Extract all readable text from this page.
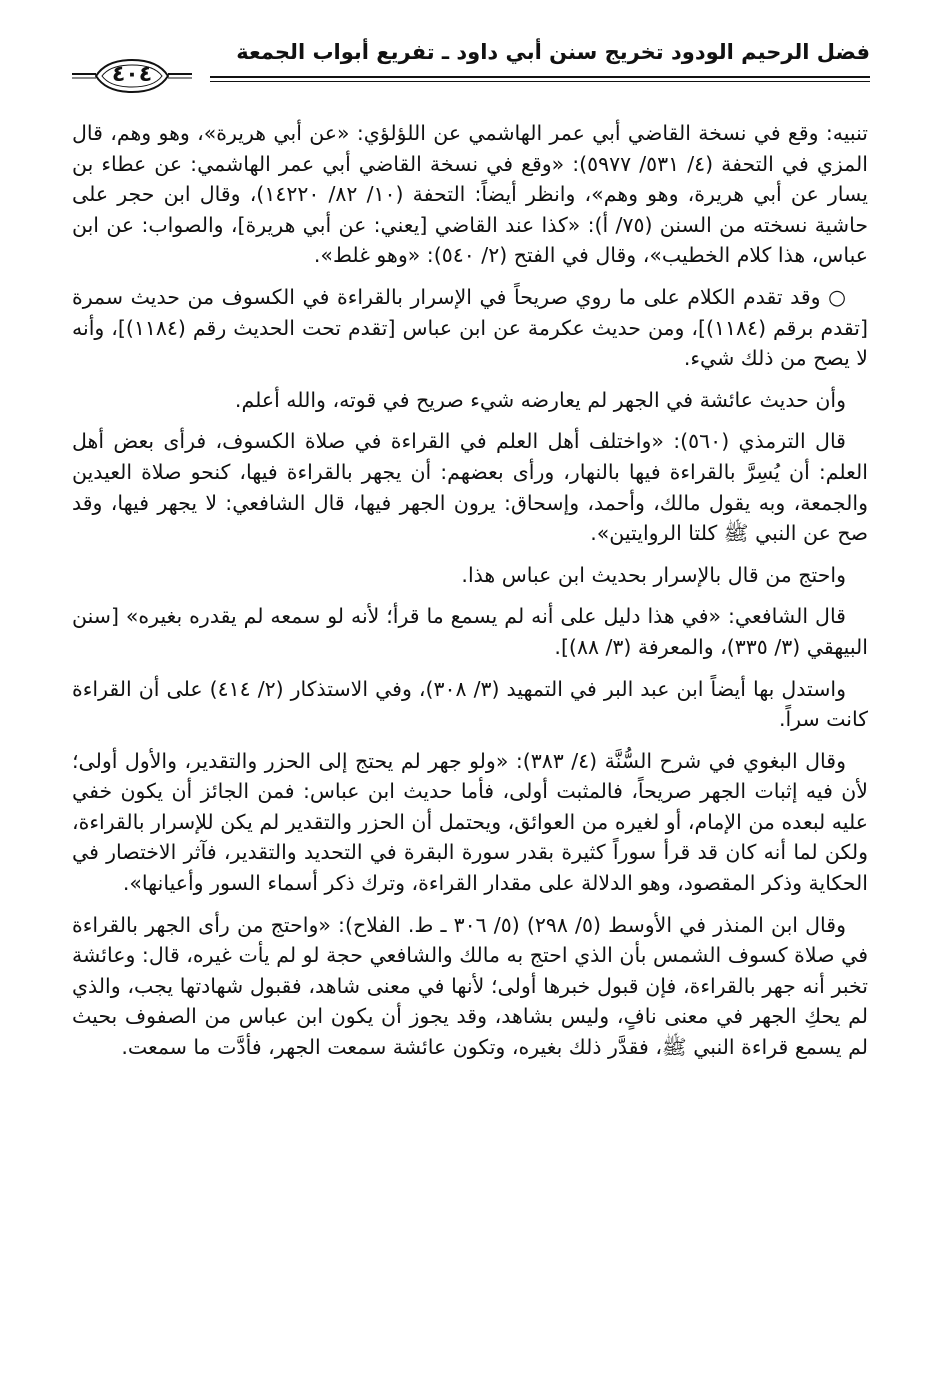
فضل الرحيم الودود تخريج سنن أبي داود ـ تفريع أبواب الجمعة
٤٠٤

تنبيه: وقع في نسخة القاضي أبي عمر الهاشمي عن اللؤلؤي: «عن أبي هريرة»، وهو وهم، قال المزي في التحفة (٤/ ٥٣١/ ٥٩٧٧): «وقع في نسخة القاضي أبي عمر الهاشمي: عن عطاء بن يسار عن أبي هريرة، وهو وهم»، وانظر أيضاً: التحفة (١٠/ ٨٢/ ١٤٢٢٠)، وقال ابن حجر على حاشية نسخته من السنن (٧٥/ أ): «كذا عند القاضي [يعني: عن أبي هريرة]، والصواب: عن ابن عباس، هذا كلام الخطيب»، وقال في الفتح (٢/ ٥٤٠): «وهو غلط».

○ وقد تقدم الكلام على ما روي صريحاً في الإسرار بالقراءة في الكسوف من حديث سمرة [تقدم برقم (١١٨٤)]، ومن حديث عكرمة عن ابن عباس [تقدم تحت الحديث رقم (١١٨٤)]، وأنه لا يصح من ذلك شيء.

وأن حديث عائشة في الجهر لم يعارضه شيء صريح في قوته، والله أعلم.

قال الترمذي (٥٦٠): «واختلف أهل العلم في القراءة في صلاة الكسوف، فرأى بعض أهل العلم: أن يُسِرَّ بالقراءة فيها بالنهار، ورأى بعضهم: أن يجهر بالقراءة فيها، كنحو صلاة العيدين والجمعة، وبه يقول مالك، وأحمد، وإسحاق: يرون الجهر فيها، قال الشافعي: لا يجهر فيها، وقد صح عن النبي ﷺ كلتا الروايتين».

واحتج من قال بالإسرار بحديث ابن عباس هذا.

قال الشافعي: «في هذا دليل على أنه لم يسمع ما قرأ؛ لأنه لو سمعه لم يقدره بغيره» [سنن البيهقي (٣/ ٣٣٥)، والمعرفة (٣/ ٨٨)].

واستدل بها أيضاً ابن عبد البر في التمهيد (٣/ ٣٠٨)، وفي الاستذكار (٢/ ٤١٤) على أن القراءة كانت سراً.

وقال البغوي في شرح السُّنَّة (٤/ ٣٨٣): «ولو جهر لم يحتج إلى الحزر والتقدير، والأول أولى؛ لأن فيه إثبات الجهر صريحاً، فالمثبت أولى، فأما حديث ابن عباس: فمن الجائز أن يكون خفي عليه لبعده من الإمام، أو لغيره من العوائق، ويحتمل أن الحزر والتقدير لم يكن للإسرار بالقراءة، ولكن لما أنه كان قد قرأ سوراً كثيرة بقدر سورة البقرة في التحديد والتقدير، فآثر الاختصار في الحكاية وذكر المقصود، وهو الدلالة على مقدار القراءة، وترك ذكر أسماء السور وأعيانها».

وقال ابن المنذر في الأوسط (٥/ ٢٩٨) (٥/ ٣٠٦ ـ ط. الفلاح): «واحتج من رأى الجهر بالقراءة في صلاة كسوف الشمس بأن الذي احتج به مالك والشافعي حجة لو لم يأت غيره، قال: وعائشة تخبر أنه جهر بالقراءة، فإن قبول خبرها أولى؛ لأنها في معنى شاهد، فقبول شهادتها يجب، والذي لم يحكِ الجهر في معنى نافٍ، وليس بشاهد، وقد يجوز أن يكون ابن عباس من الصفوف بحيث لم يسمع قراءة النبي ﷺ، فقدَّر ذلك بغيره، وتكون عائشة سمعت الجهر، فأدَّت ما سمعت.
